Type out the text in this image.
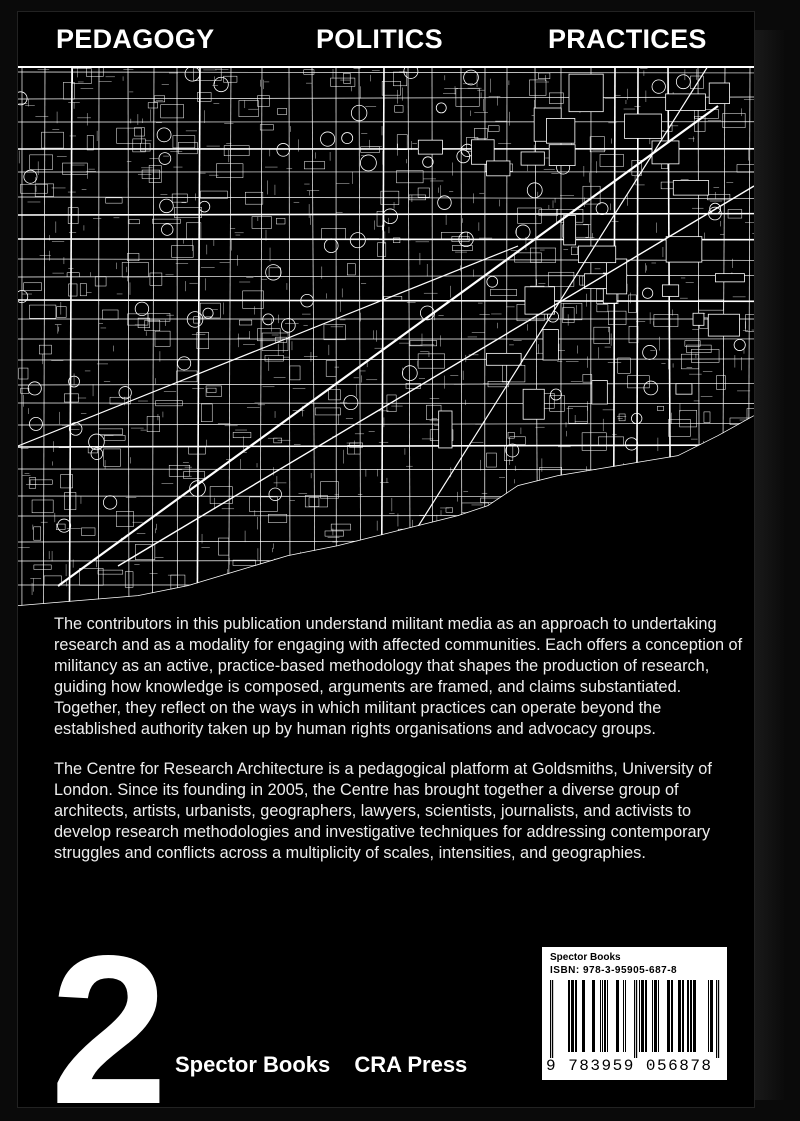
PEDAGOGY	POLITICS	PRACTICES

The contributors in this publication understand militant media as an approach to undertaking research and as a modality for engaging with affected communities. Each offers a conception of militancy as an active, practice-based methodology that shapes the production of research, guiding how knowledge is composed, arguments are framed, and claims substantiated. Together, they reflect on the ways in which militant practices can operate beyond the established authority taken up by human rights organisations and advocacy groups.

The Centre for Research Architecture is a pedagogical platform at Goldsmiths, University of London. Since its founding in 2005, the Centre has brought together a diverse group of architects, artists, urbanists, geographers, lawyers, scientists, journalists, and activists to develop research methodologies and investigative techniques for addressing contemporary struggles and conflicts across a multiplicity of scales, intensities, and geographies.

2 Spector Books CRA Press
Spector Books
ISBN: 978-3-95905-687-8
9 783959 056878
